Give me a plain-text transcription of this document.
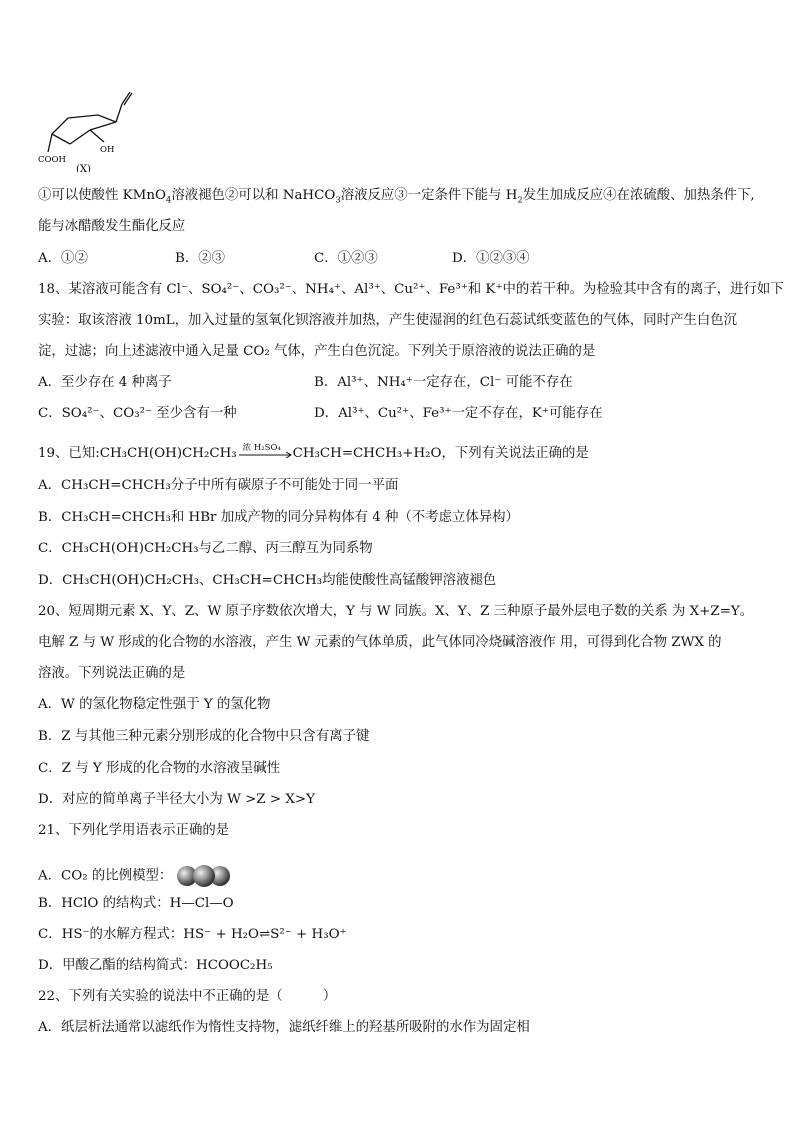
COOH
OH
(X)
①可以使酸性 KMnO$_4$溶液褪色②可以和 NaHCO$_3$溶液反应③一定条件下能与 $H_2$发生加成反应④在浓硫酸、加热条件下,
能与冰醋酸发生酯化反应
A．①②	B．②③	C．①②③	D．①②③④
18、某溶液可能含有 Cl⁻、SO₄²⁻、CO₃²⁻、NH₄⁺、Al³⁺、Cu²⁺、Fe³⁺和 K⁺中的若干种。为检验其中含有的离子，进行如下
实验：取该溶液 10mL，加入过量的氢氧化钡溶液并加热，产生使湿润的红色石蕊试纸变蓝色的气体，同时产生白色沉
淀，过滤；向上述滤液中通入足量 CO₂ 气体，产生白色沉淀。下列关于原溶液的说法正确的是
A．至少存在 4 种离子	B．Al³⁺、NH₄⁺一定存在，Cl⁻ 可能不存在
C．SO₄²⁻、CO₃²⁻ 至少含有一种	D．Al³⁺、Cu²⁺、Fe³⁺一定不存在，K⁺可能存在
19、已知:CH₃CH(OH)CH₂CH₃ 浓 H₂SO₄ CH₃CH=CHCH₃+H₂O，下列有关说法正确的是
A．CH₃CH=CHCH₃分子中所有碳原子不可能处于同一平面
B．CH₃CH=CHCH₃和 HBr 加成产物的同分异构体有 4 种（不考虑立体异构）
C．CH₃CH(OH)CH₂CH₃与乙二醇、丙三醇互为同系物
D．CH₃CH(OH)CH₂CH₃、CH₃CH=CHCH₃均能使酸性高锰酸钾溶液褪色
20、短周期元素 X、Y、Z、W 原子序数依次增大，Y 与 W 同族。X、Y、Z 三种原子最外层电子数的关系 为 X+Z=Y。
电解 Z 与 W 形成的化合物的水溶液，产生 W 元素的气体单质，此气体同冷烧碱溶液作 用，可得到化合物 ZWX 的
溶液。下列说法正确的是
A．W 的氢化物稳定性强于 Y 的氢化物
B．Z 与其他三种元素分别形成的化合物中只含有离子键
C．Z 与 Y 形成的化合物的水溶液呈碱性
D．对应的简单离子半径大小为 W >Z > X>Y
21、下列化学用语表示正确的是
A．CO₂ 的比例模型：
B．HClO 的结构式：H—Cl—O
C．HS⁻的水解方程式：HS⁻ + H₂O⇌S²⁻ + H₃O⁺
D．甲酸乙酯的结构简式：HCOOC₂H₅
22、下列有关实验的说法中不正确的是（　　　）
A．纸层析法通常以滤纸作为惰性支持物，滤纸纤维上的羟基所吸附的水作为固定相
